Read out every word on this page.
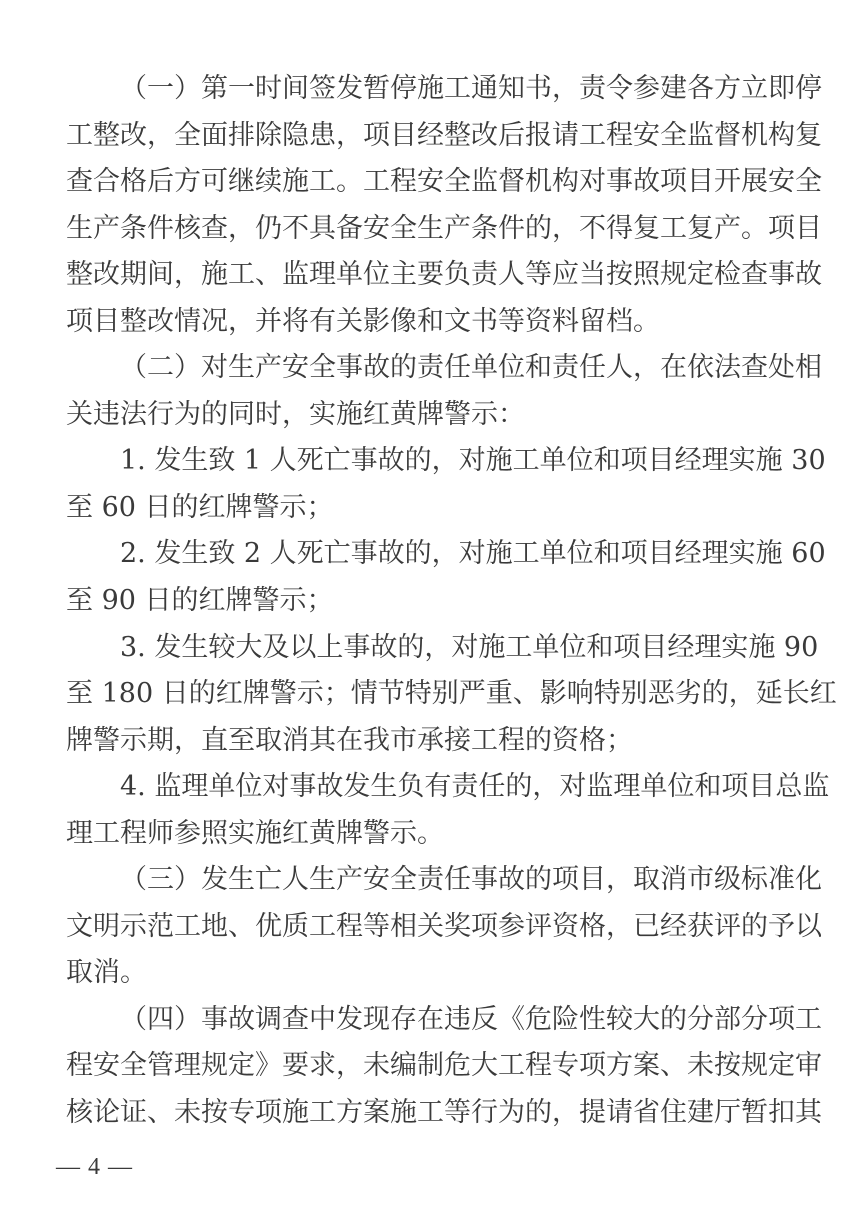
（一）第一时间签发暂停施工通知书，责令参建各方立即停
工整改，全面排除隐患，项目经整改后报请工程安全监督机构复
查合格后方可继续施工。工程安全监督机构对事故项目开展安全
生产条件核查，仍不具备安全生产条件的，不得复工复产。项目
整改期间，施工、监理单位主要负责人等应当按照规定检查事故
项目整改情况，并将有关影像和文书等资料留档。
（二）对生产安全事故的责任单位和责任人，在依法查处相
关违法行为的同时，实施红黄牌警示：
1. 发生致 1 人死亡事故的，对施工单位和项目经理实施 30
至 60 日的红牌警示；
2. 发生致 2 人死亡事故的，对施工单位和项目经理实施 60
至 90 日的红牌警示；
3. 发生较大及以上事故的，对施工单位和项目经理实施 90
至 180 日的红牌警示；情节特别严重、影响特别恶劣的，延长红
牌警示期，直至取消其在我市承接工程的资格；
4. 监理单位对事故发生负有责任的，对监理单位和项目总监
理工程师参照实施红黄牌警示。
（三）发生亡人生产安全责任事故的项目，取消市级标准化
文明示范工地、优质工程等相关奖项参评资格，已经获评的予以
取消。
（四）事故调查中发现存在违反《危险性较大的分部分项工
程安全管理规定》要求，未编制危大工程专项方案、未按规定审
核论证、未按专项施工方案施工等行为的，提请省住建厅暂扣其
— 4 —
